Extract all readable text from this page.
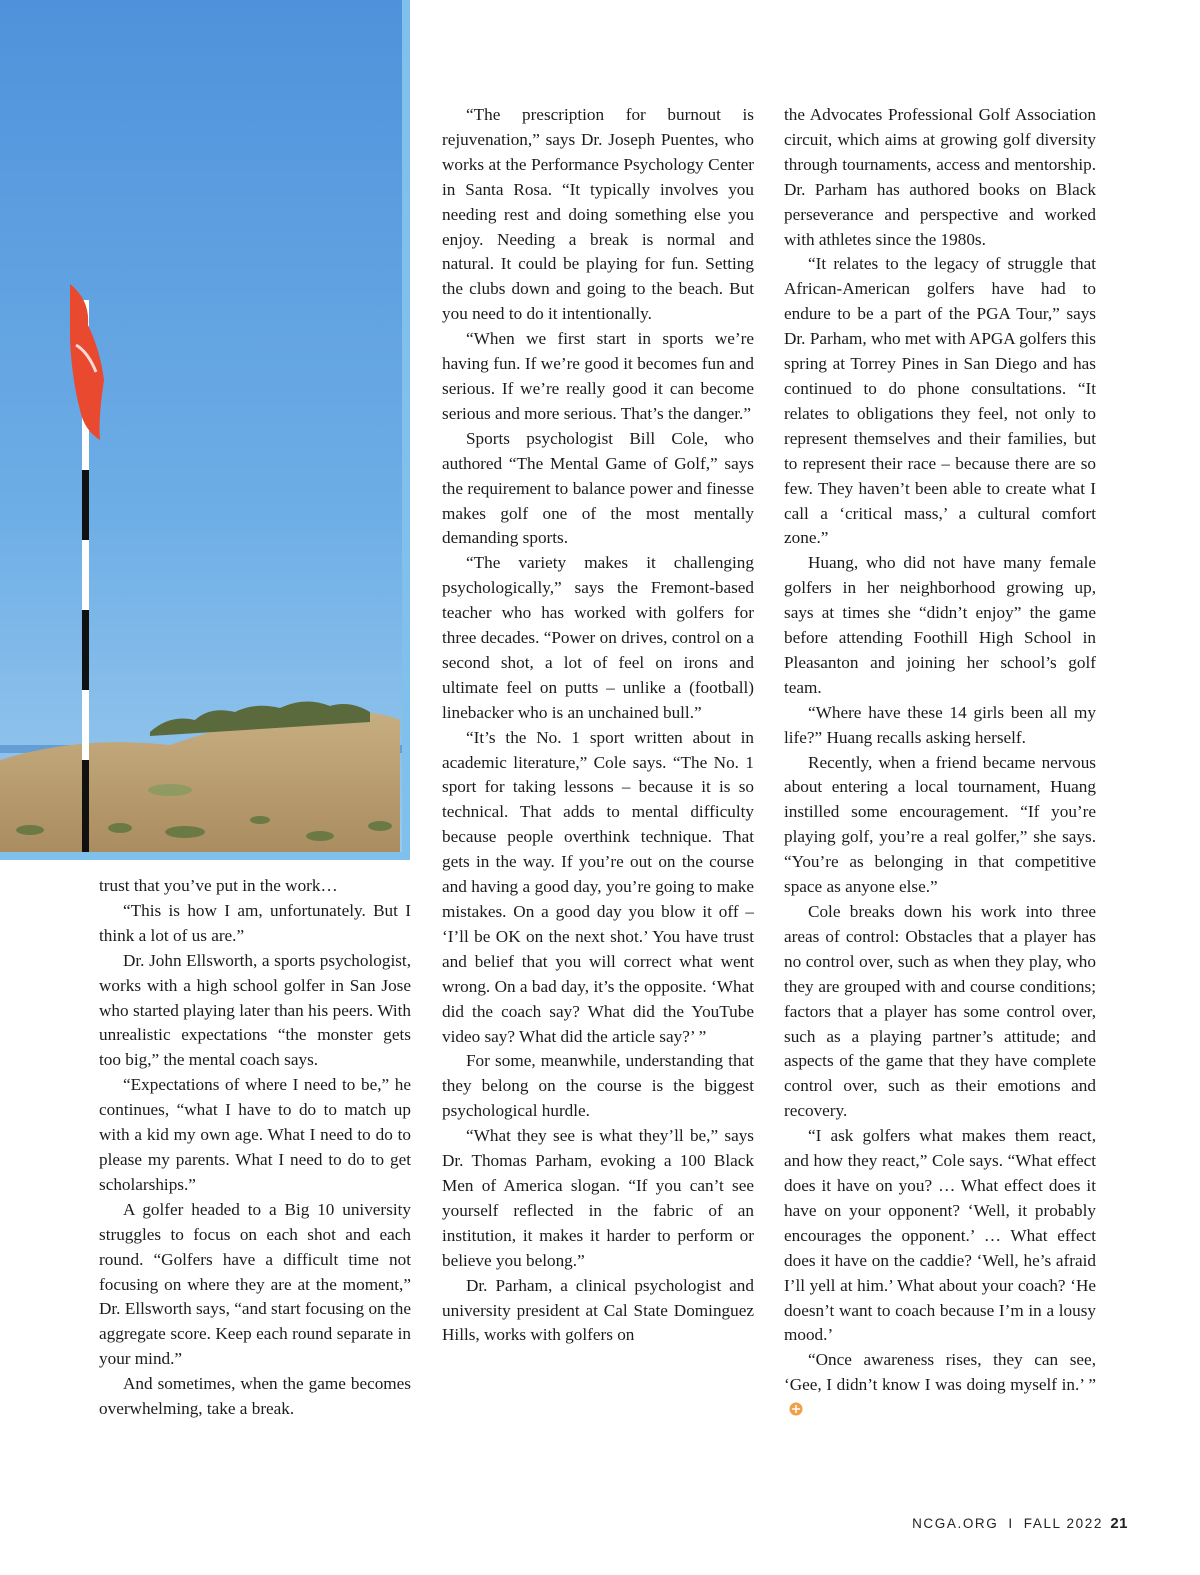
trust that you’ve put in the work…

“This is how I am, unfortunately. But I think a lot of us are.”

Dr. John Ellsworth, a sports psychologist, works with a high school golfer in San Jose who started playing later than his peers. With unrealistic expectations “the monster gets too big,” the mental coach says.

“Expectations of where I need to be,” he continues, “what I have to do to match up with a kid my own age. What I need to do to please my parents. What I need to do to get scholarships.”

A golfer headed to a Big 10 university struggles to focus on each shot and each round. “Golfers have a difficult time not focusing on where they are at the moment,” Dr. Ellsworth says, “and start focusing on the aggregate score. Keep each round separate in your mind.”

And sometimes, when the game becomes overwhelming, take a break.

“The prescription for burnout is rejuvenation,” says Dr. Joseph Puentes, who works at the Performance Psychology Center in Santa Rosa. “It typically involves you needing rest and doing something else you enjoy. Needing a break is normal and natural. It could be playing for fun. Setting the clubs down and going to the beach. But you need to do it intentionally.

“When we first start in sports we’re having fun. If we’re good it becomes fun and serious. If we’re really good it can become serious and more serious. That’s the danger.”

Sports psychologist Bill Cole, who authored “The Mental Game of Golf,” says the requirement to balance power and finesse makes golf one of the most mentally demanding sports.

“The variety makes it challenging psychologically,” says the Fremont-based teacher who has worked with golfers for three decades. “Power on drives, control on a second shot, a lot of feel on irons and ultimate feel on putts – unlike a (football) linebacker who is an unchained bull.”

“It’s the No. 1 sport written about in academic literature,” Cole says. “The No. 1 sport for taking lessons – because it is so technical. That adds to mental difficulty because people overthink technique. That gets in the way. If you’re out on the course and having a good day, you’re going to make mistakes. On a good day you blow it off – ‘I’ll be OK on the next shot.’ You have trust and belief that you will correct what went wrong. On a bad day, it’s the opposite. ‘What did the coach say? What did the YouTube video say? What did the article say?’ ”

For some, meanwhile, understanding that they belong on the course is the biggest psychological hurdle.

“What they see is what they’ll be,” says Dr. Thomas Parham, evoking a 100 Black Men of America slogan. “If you can’t see yourself reflected in the fabric of an institution, it makes it harder to perform or believe you belong.”

Dr. Parham, a clinical psychologist and university president at Cal State Dominguez Hills, works with golfers on

the Advocates Professional Golf Association circuit, which aims at growing golf diversity through tournaments, access and mentorship. Dr. Parham has authored books on Black perseverance and perspective and worked with athletes since the 1980s.

“It relates to the legacy of struggle that African-American golfers have had to endure to be a part of the PGA Tour,” says Dr. Parham, who met with APGA golfers this spring at Torrey Pines in San Diego and has continued to do phone consultations. “It relates to obligations they feel, not only to represent themselves and their families, but to represent their race – because there are so few. They haven’t been able to create what I call a ‘critical mass,’ a cultural comfort zone.”

Huang, who did not have many female golfers in her neighborhood growing up, says at times she “didn’t enjoy” the game before attending Foothill High School in Pleasanton and joining her school’s golf team.

“Where have these 14 girls been all my life?” Huang recalls asking herself.

Recently, when a friend became nervous about entering a local tournament, Huang instilled some encouragement. “If you’re playing golf, you’re a real golfer,” she says. “You’re as belonging in that competitive space as anyone else.”

Cole breaks down his work into three areas of control: Obstacles that a player has no control over, such as when they play, who they are grouped with and course conditions; factors that a player has some control over, such as a playing partner’s attitude; and aspects of the game that they have complete control over, such as their emotions and recovery.

“I ask golfers what makes them react, and how they react,” Cole says. “What effect does it have on you? … What effect does it have on your opponent? ‘Well, it probably encourages the opponent.’ … What effect does it have on the caddie? ‘Well, he’s afraid I’ll yell at him.’ What about your coach? ‘He doesn’t want to coach because I’m in a lousy mood.’

“Once awareness rises, they can see, ‘Gee, I didn’t know I was doing myself in.’ ”

NCGA.ORG I FALL 2022 21
